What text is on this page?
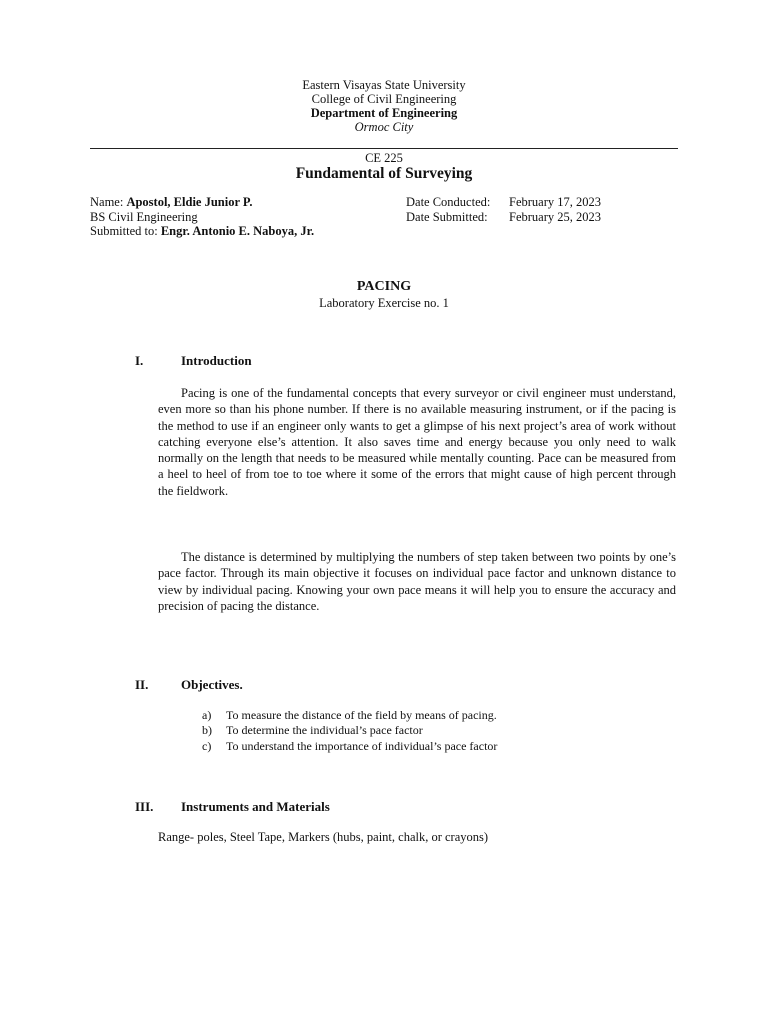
Eastern Visayas State University
College of Civil Engineering
Department of Engineering
Ormoc City
CE 225
Fundamental of Surveying
Name: Apostol, Eldie Junior P.
BS Civil Engineering
Submitted to: Engr. Antonio E. Naboya, Jr.
Date Conducted:	February 17, 2023
Date Submitted:	February 25, 2023
PACING
Laboratory Exercise no. 1
I.	Introduction

Pacing is one of the fundamental concepts that every surveyor or civil engineer must understand, even more so than his phone number. If there is no available measuring instrument, or if the pacing is the method to use if an engineer only wants to get a glimpse of his next project’s area of work without catching everyone else’s attention. It also saves time and energy because you only need to walk normally on the length that needs to be measured while mentally counting. Pace can be measured from a heel to heel of from toe to toe where it some of the errors that might cause of high percent through the fieldwork.

The distance is determined by multiplying the numbers of step taken between two points by one’s pace factor. Through its main objective it focuses on individual pace factor and unknown distance to view by individual pacing. Knowing your own pace means it will help you to ensure the accuracy and precision of pacing the distance.

II.	Objectives.
a)	To measure the distance of the field by means of pacing.
b)	To determine the individual’s pace factor
c)	To understand the importance of individual’s pace factor
III.	Instruments and Materials
Range- poles, Steel Tape, Markers (hubs, paint, chalk, or crayons)
